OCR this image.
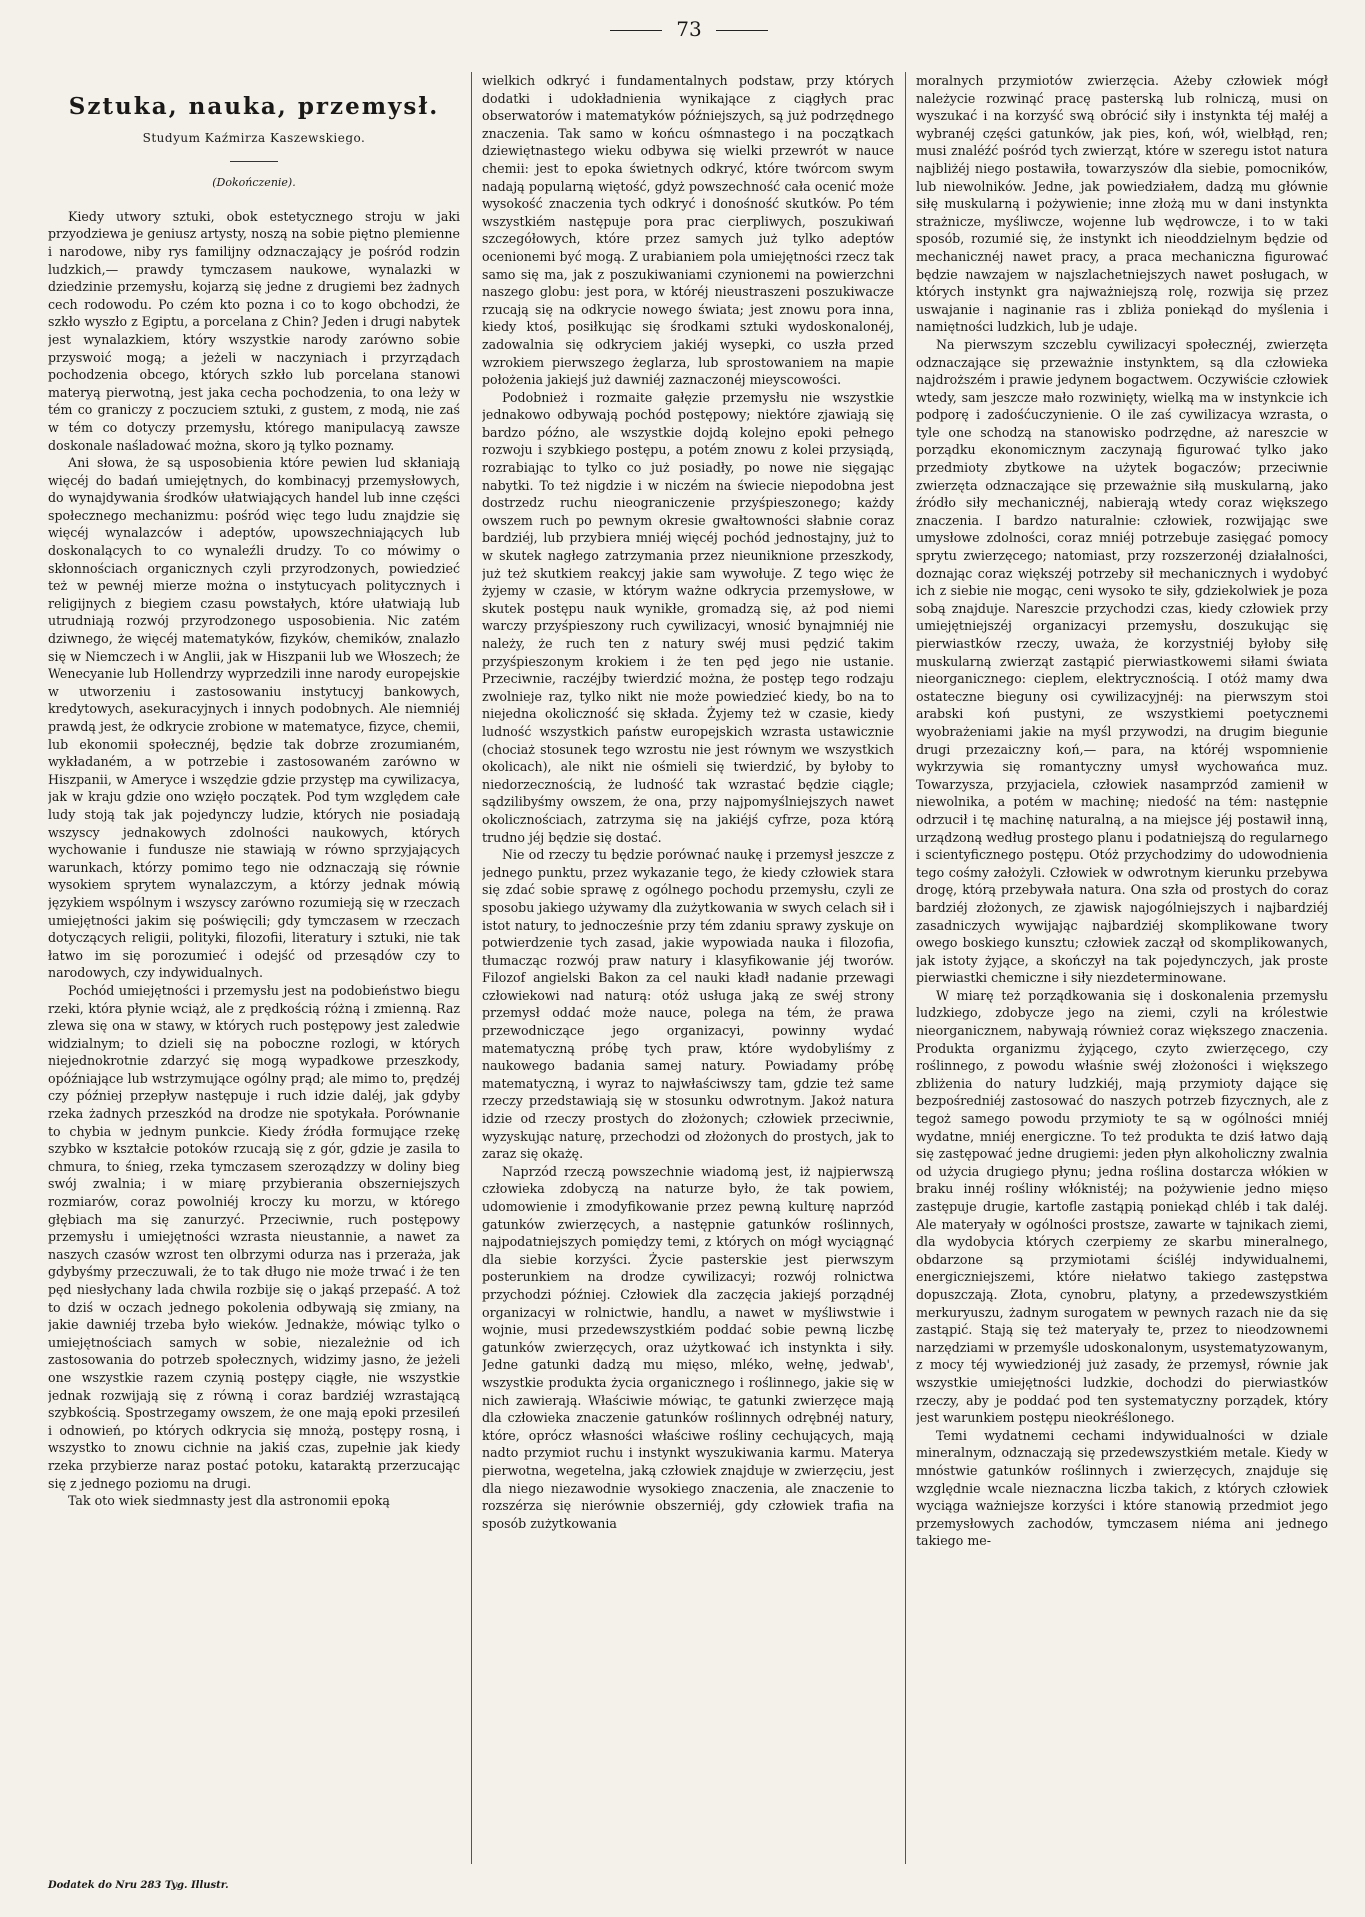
73
Sztuka, nauka, przemysł.
Studyum Kaźmirza Kaszewskiego.
(Dokończenie).

Kiedy utwory sztuki, obok estetycznego stroju w jaki przyodziewa je geniusz artysty, noszą na sobie piętno plemienne i narodowe, niby rys familijny odznaczający je pośród rodzin ludzkich,— prawdy tymczasem naukowe, wynalazki w dziedzinie przemysłu, kojarzą się jedne z drugiemi bez żadnych cech rodowodu. Po czém kto pozna i co to kogo obchodzi, że szkło wyszło z Egiptu, a porcelana z Chin? Jeden i drugi nabytek jest wynalazkiem, który wszystkie narody zarówno sobie przyswoić mogą; a jeżeli w naczyniach i przyrządach pochodzenia obcego, których szkło lub porcelana stanowi materyą pierwotną, jest jaka cecha pochodzenia, to ona leży w tém co graniczy z poczuciem sztuki, z gustem, z modą, nie zaś w tém co dotyczy przemysłu, którego manipulacyą zawsze doskonale naśladować można, skoro ją tylko poznamy.

Ani słowa, że są usposobienia które pewien lud skłaniają więcéj do badań umiejętnych, do kombinacyj przemysłowych, do wynajdywania środków ułatwiających handel lub inne części społecznego mechanizmu: pośród więc tego ludu znajdzie się więcéj wynalazców i adeptów, upowszechniających lub doskonalących to co wynaleźli drudzy. To co mówimy o skłonnościach organicznych czyli przyrodzonych, powiedzieć też w pewnéj mierze można o instytucyach politycznych i religijnych z biegiem czasu powstałych, które ułatwiają lub utrudniają rozwój przyrodzonego usposobienia. Nic zatém dziwnego, że więcéj matematyków, fizyków, chemików, znalazło się w Niemczech i w Anglii, jak w Hiszpanii lub we Włoszech; że Wenecyanie lub Hollendrzy wyprzedzili inne narody europejskie w utworzeniu i zastosowaniu instytucyj bankowych, kredytowych, asekuracyjnych i innych podobnych. Ale niemniéj prawdą jest, że odkrycie zrobione w matematyce, fizyce, chemii, lub ekonomii społecznéj, będzie tak dobrze zrozumianém, wykładaném, a w potrzebie i zastosowaném zarówno w Hiszpanii, w Ameryce i wszędzie gdzie przystęp ma cywilizacya, jak w kraju gdzie ono wzięło początek. Pod tym względem całe ludy stoją tak jak pojedynczy ludzie, których nie posiadają wszyscy jednakowych zdolności naukowych, których wychowanie i fundusze nie stawiają w równo sprzyjających warunkach, którzy pomimo tego nie odznaczają się równie wysokiem sprytem wynalazczym, a którzy jednak mówią językiem wspólnym i wszyscy zarówno rozumieją się w rzeczach umiejętności jakim się poświęcili; gdy tymczasem w rzeczach dotyczących religii, polityki, filozofii, literatury i sztuki, nie tak łatwo im się porozumieć i odejść od przesądów czy to narodowych, czy indywidualnych.

Pochód umiejętności i przemysłu jest na podobieństwo biegu rzeki, która płynie wciąż, ale z prędkością różną i zmienną. Raz zlewa się ona w stawy, w których ruch postępowy jest zaledwie widzialnym; to dzieli się na poboczne rozlogi, w których niejednokrotnie zdarzyć się mogą wypadkowe przeszkody, opóźniające lub wstrzymujące ogólny prąd; ale mimo to, prędzéj czy później przepływ następuje i ruch idzie daléj, jak gdyby rzeka żadnych przeszkód na drodze nie spotykała. Porównanie to chybia w jednym punkcie. Kiedy źródła formujące rzekę szybko w kształcie potoków rzucają się z gór, gdzie je zasila to chmura, to śnieg, rzeka tymczasem szeroządzzy w doliny bieg swój zwalnia; i w miarę przybierania obszerniejszych rozmiarów, coraz powolniéj kroczy ku morzu, w którego głębiach ma się zanurzyć. Przeciwnie, ruch postępowy przemysłu i umiejętności wzrasta nieustannie, a nawet za naszych czasów wzrost ten olbrzymi odurza nas i przeraża, jak gdybyśmy przeczuwali, że to tak długo nie może trwać i że ten pęd niesłychany lada chwila rozbije się o jakąś przepaść. A toż to dziś w oczach jednego pokolenia odbywają się zmiany, na jakie dawniéj trzeba było wieków. Jednakże, mówiąc tylko o umiejętnościach samych w sobie, niezależnie od ich zastosowania do potrzeb społecznych, widzimy jasno, że jeżeli one wszystkie razem czynią postępy ciągłe, nie wszystkie jednak rozwijają się z równą i coraz bardziéj wzrastającą szybkością. Spostrzegamy owszem, że one mają epoki przesileń i odnowień, po których odkrycia się mnożą, postępy rosną, i wszystko to znowu cichnie na jakiś czas, zupełnie jak kiedy rzeka przybierze naraz postać potoku, kataraktą przerzucając się z jednego poziomu na drugi.

Tak oto wiek siedmnasty jest dla astronomii epoką

wielkich odkryć i fundamentalnych podstaw, przy których dodatki i udokładnienia wynikające z ciągłych prac obserwatorów i matematyków późniejszych, są już podrzędnego znaczenia. Tak samo w końcu ośmnastego i na początkach dziewiętnastego wieku odbywa się wielki przewrót w nauce chemii: jest to epoka świetnych odkryć, które twórcom swym nadają popularną więtość, gdyż powszechność cała ocenić może wysokość znaczenia tych odkryć i donośność skutków. Po tém wszystkiém następuje pora prac cierpliwych, poszukiwań szczegółowych, które przez samych już tylko adeptów ocenionemi być mogą. Z urabianiem pola umiejętności rzecz tak samo się ma, jak z poszukiwaniami czynionemi na powierzchni naszego globu: jest pora, w któréj nieustraszeni poszukiwacze rzucają się na odkrycie nowego świata; jest znowu pora inna, kiedy ktoś, posiłkując się środkami sztuki wydoskonalonéj, zadowalnia się odkryciem jakiéj wysepki, co uszła przed wzrokiem pierwszego żeglarza, lub sprostowaniem na mapie położenia jakiejś już dawniéj zaznaczonéj mieyscowości.

Podobnież i rozmaite gałęzie przemysłu nie wszystkie jednakowo odbywają pochód postępowy; niektóre zjawiają się bardzo późno, ale wszystkie dojdą kolejno epoki pełnego rozwoju i szybkiego postępu, a potém znowu z kolei przysiądą, rozrabiając to tylko co już posiadły, po nowe nie sięgając nabytki. To też nigdzie i w niczém na świecie niepodobna jest dostrzedz ruchu nieograniczenie przyśpieszonego; każdy owszem ruch po pewnym okresie gwałtowności słabnie coraz bardziéj, lub przybiera mniéj więcéj pochód jednostajny, już to w skutek nagłego zatrzymania przez nieuniknione przeszkody, już też skutkiem reakcyj jakie sam wywołuje. Z tego więc że żyjemy w czasie, w którym ważne odkrycia przemysłowe, w skutek postępu nauk wynikłe, gromadzą się, aż pod niemi warczy przyśpieszony ruch cywilizacyi, wnosić bynajmniéj nie należy, że ruch ten z natury swéj musi pędzić takim przyśpieszonym krokiem i że ten pęd jego nie ustanie. Przeciwnie, raczéjby twierdzić można, że postęp tego rodzaju zwolnieje raz, tylko nikt nie może powiedzieć kiedy, bo na to niejedna okoliczność się składa. Żyjemy też w czasie, kiedy ludność wszystkich państw europejskich wzrasta ustawicznie (chociaż stosunek tego wzrostu nie jest równym we wszystkich okolicach), ale nikt nie ośmieli się twierdzić, by byłoby to niedorzecznością, że ludność tak wzrastać będzie ciągle; sądzilibyśmy owszem, że ona, przy najpomyślniejszych nawet okolicznościach, zatrzyma się na jakiéjś cyfrze, poza którą trudno jéj będzie się dostać.

Nie od rzeczy tu będzie porównać naukę i przemysł jeszcze z jednego punktu, przez wykazanie tego, że kiedy człowiek stara się zdać sobie sprawę z ogólnego pochodu przemysłu, czyli ze sposobu jakiego używamy dla zużytkowania w swych celach sił i istot natury, to jednocześnie przy tém zdaniu sprawy zyskuje on potwierdzenie tych zasad, jakie wypowiada nauka i filozofia, tłumacząc rozwój praw natury i klasyfikowanie jéj tworów. Filozof angielski Bakon za cel nauki kładł nadanie przewagi człowiekowi nad naturą: otóż usługa jaką ze swéj strony przemysł oddać może nauce, polega na tém, że prawa przewodniczące jego organizacyi, powinny wydać matematyczną próbę tych praw, które wydobyliśmy z naukowego badania samej natury. Powiadamy próbę matematyczną, i wyraz to najwłaściwszy tam, gdzie też same rzeczy przedstawiają się w stosunku odwrotnym. Jakoż natura idzie od rzeczy prostych do złożonych; człowiek przeciwnie, wyzyskując naturę, przechodzi od złożonych do prostych, jak to zaraz się okażę.

Naprzód rzeczą powszechnie wiadomą jest, iż najpierwszą człowieka zdobyczą na naturze było, że tak powiem, udomowienie i zmodyfikowanie przez pewną kulturę naprzód gatunków zwierzęcych, a następnie gatunków roślinnych, najpodatniejszych pomiędzy temi, z których on mógł wyciągnąć dla siebie korzyści. Życie pasterskie jest pierwszym posterunkiem na drodze cywilizacyi; rozwój rolnictwa przychodzi później. Człowiek dla zaczęcia jakiejś porządnéj organizacyi w rolnictwie, handlu, a nawet w myśliwstwie i wojnie, musi przedewszystkiém poddać sobie pewną liczbę gatunków zwierzęcych, oraz użytkować ich instynkta i siły. Jedne gatunki dadzą mu mięso, mléko, wełnę, jedwab', wszystkie produkta życia organicznego i roślinnego, jakie się w nich zawierają. Właściwie mówiąc, te gatunki zwierzęce mają dla człowieka znaczenie gatunków roślinnych odrębnéj natury, które, oprócz własności właściwe rośliny cechujących, mają nadto przymiot ruchu i instynkt wyszukiwania karmu. Materya pierwotna, wegetelna, jaką człowiek znajduje w zwierzęciu, jest dla niego niezawodnie wysokiego znaczenia, ale znaczenie to rozszérza się nierównie obszerniéj, gdy człowiek trafia na sposób zużytkowania

moralnych przymiotów zwierzęcia. Ażeby człowiek mógł należycie rozwinąć pracę pasterską lub rolniczą, musi on wyszukać i na korzyść swą obrócić siły i instynkta téj małéj a wybranéj części gatunków, jak pies, koń, wół, wielbłąd, ren; musi znaléźć pośród tych zwierząt, które w szeregu istot natura najbliżéj niego postawiła, towarzyszów dla siebie, pomocników, lub niewolników. Jedne, jak powiedziałem, dadzą mu głównie siłę muskularną i pożywienie; inne złożą mu w dani instynkta strażnicze, myśliwcze, wojenne lub wędrowcze, i to w taki sposób, rozumié się, że instynkt ich nieoddzielnym będzie od mechanicznéj nawet pracy, a praca mechaniczna figurować będzie nawzajem w najszlachetniejszych nawet posługach, w których instynkt gra najważniejszą rolę, rozwija się przez uswajanie i naginanie ras i zbliża poniekąd do myślenia i namiętności ludzkich, lub je udaje.

Na pierwszym szczeblu cywilizacyi społecznéj, zwierzęta odznaczające się przeważnie instynktem, są dla człowieka najdroższém i prawie jedynem bogactwem. Oczywiście człowiek wtedy, sam jeszcze mało rozwinięty, wielką ma w instynkcie ich podporę i zadośćuczynienie. O ile zaś cywilizacya wzrasta, o tyle one schodzą na stanowisko podrzędne, aż nareszcie w porządku ekonomicznym zaczynają figurować tylko jako przedmioty zbytkowe na użytek bogaczów; przeciwnie zwierzęta odznaczające się przeważnie siłą muskularną, jako źródło siły mechanicznéj, nabierają wtedy coraz większego znaczenia. I bardzo naturalnie: człowiek, rozwijając swe umysłowe zdolności, coraz mniéj potrzebuje zasięgać pomocy sprytu zwierzęcego; natomiast, przy rozszerzonéj działalności, doznając coraz większéj potrzeby sił mechanicznych i wydobyć ich z siebie nie mogąc, ceni wysoko te siły, gdziekolwiek je poza sobą znajduje. Nareszcie przychodzi czas, kiedy człowiek przy umiejętniejszéj organizacyi przemysłu, doszukując się pierwiastków rzeczy, uważa, że korzystniéj byłoby siłę muskularną zwierząt zastąpić pierwiastkowemi siłami świata nieorganicznego: cieplem, elektrycznością. I otóż mamy dwa ostateczne bieguny osi cywilizacyjnéj: na pierwszym stoi arabski koń pustyni, ze wszystkiemi poetycznemi wyobrażeniami jakie na myśl przywodzi, na drugim biegunie drugi przezaiczny koń,— para, na któréj wspomnienie wykrzywia się romantyczny umysł wychowańca muz. Towarzysza, przyjaciela, człowiek nasamprzód zamienił w niewolnika, a potém w machinę; niedość na tém: następnie odrzucił i tę machinę naturalną, a na miejsce jéj postawił inną, urządzoną według prostego planu i podatniejszą do regularnego i scientyficznego postępu. Otóż przychodzimy do udowodnienia tego cośmy założyli. Człowiek w odwrotnym kierunku przebywa drogę, którą przebywała natura. Ona szła od prostych do coraz bardziéj złożonych, ze zjawisk najogólniejszych i najbardziéj zasadniczych wywijając najbardziéj skomplikowane twory owego boskiego kunsztu; człowiek zaczął od skomplikowanych, jak istoty żyjące, a skończył na tak pojedynczych, jak proste pierwiastki chemiczne i siły niezdeterminowane.

W miarę też porządkowania się i doskonalenia przemysłu ludzkiego, zdobycze jego na ziemi, czyli na królestwie nieorganicznem, nabywają również coraz większego znaczenia. Produkta organizmu żyjącego, czyto zwierzęcego, czy roślinnego, z powodu właśnie swéj złożoności i większego zbliżenia do natury ludzkiéj, mają przymioty dające się bezpośredniéj zastosować do naszych potrzeb fizycznych, ale z tegoż samego powodu przymioty te są w ogólności mniéj wydatne, mniéj energiczne. To też produkta te dziś łatwo dają się zastępować jedne drugiemi: jeden płyn alkoholiczny zwalnia od użycia drugiego płynu; jedna roślina dostarcza włókien w braku innéj rośliny włóknistéj; na pożywienie jedno mięso zastępuje drugie, kartofle zastąpią poniekąd chléb i tak daléj. Ale materyały w ogólności prostsze, zawarte w tajnikach ziemi, dla wydobycia których czerpiemy ze skarbu mineralnego, obdarzone są przymiotami ściśléj indywidualnemi, energiczniejszemi, które niełatwo takiego zastępstwa dopuszczają. Złota, cynobru, platyny, a przedewszystkiém merkuryuszu, żadnym surogatem w pewnych razach nie da się zastąpić. Stają się też materyały te, przez to nieodzownemi narzędziami w przemyśle udoskonalonym, usystematyzowanym, z mocy téj wywiedzionéj już zasady, że przemysł, równie jak wszystkie umiejętności ludzkie, dochodzi do pierwiastków rzeczy, aby je poddać pod ten systematyczny porządek, który jest warunkiem postępu nieokréślonego.

Temi wydatnemi cechami indywidualności w dziale mineralnym, odznaczają się przedewszystkiém metale. Kiedy w mnóstwie gatunków roślinnych i zwierzęcych, znajduje się względnie wcale nieznaczna liczba takich, z których człowiek wyciąga ważniejsze korzyści i które stanowią przedmiot jego przemysłowych zachodów, tymczasem niéma ani jednego takiego me-

Dodatek do Nru 283 Tyg. Illustr.
